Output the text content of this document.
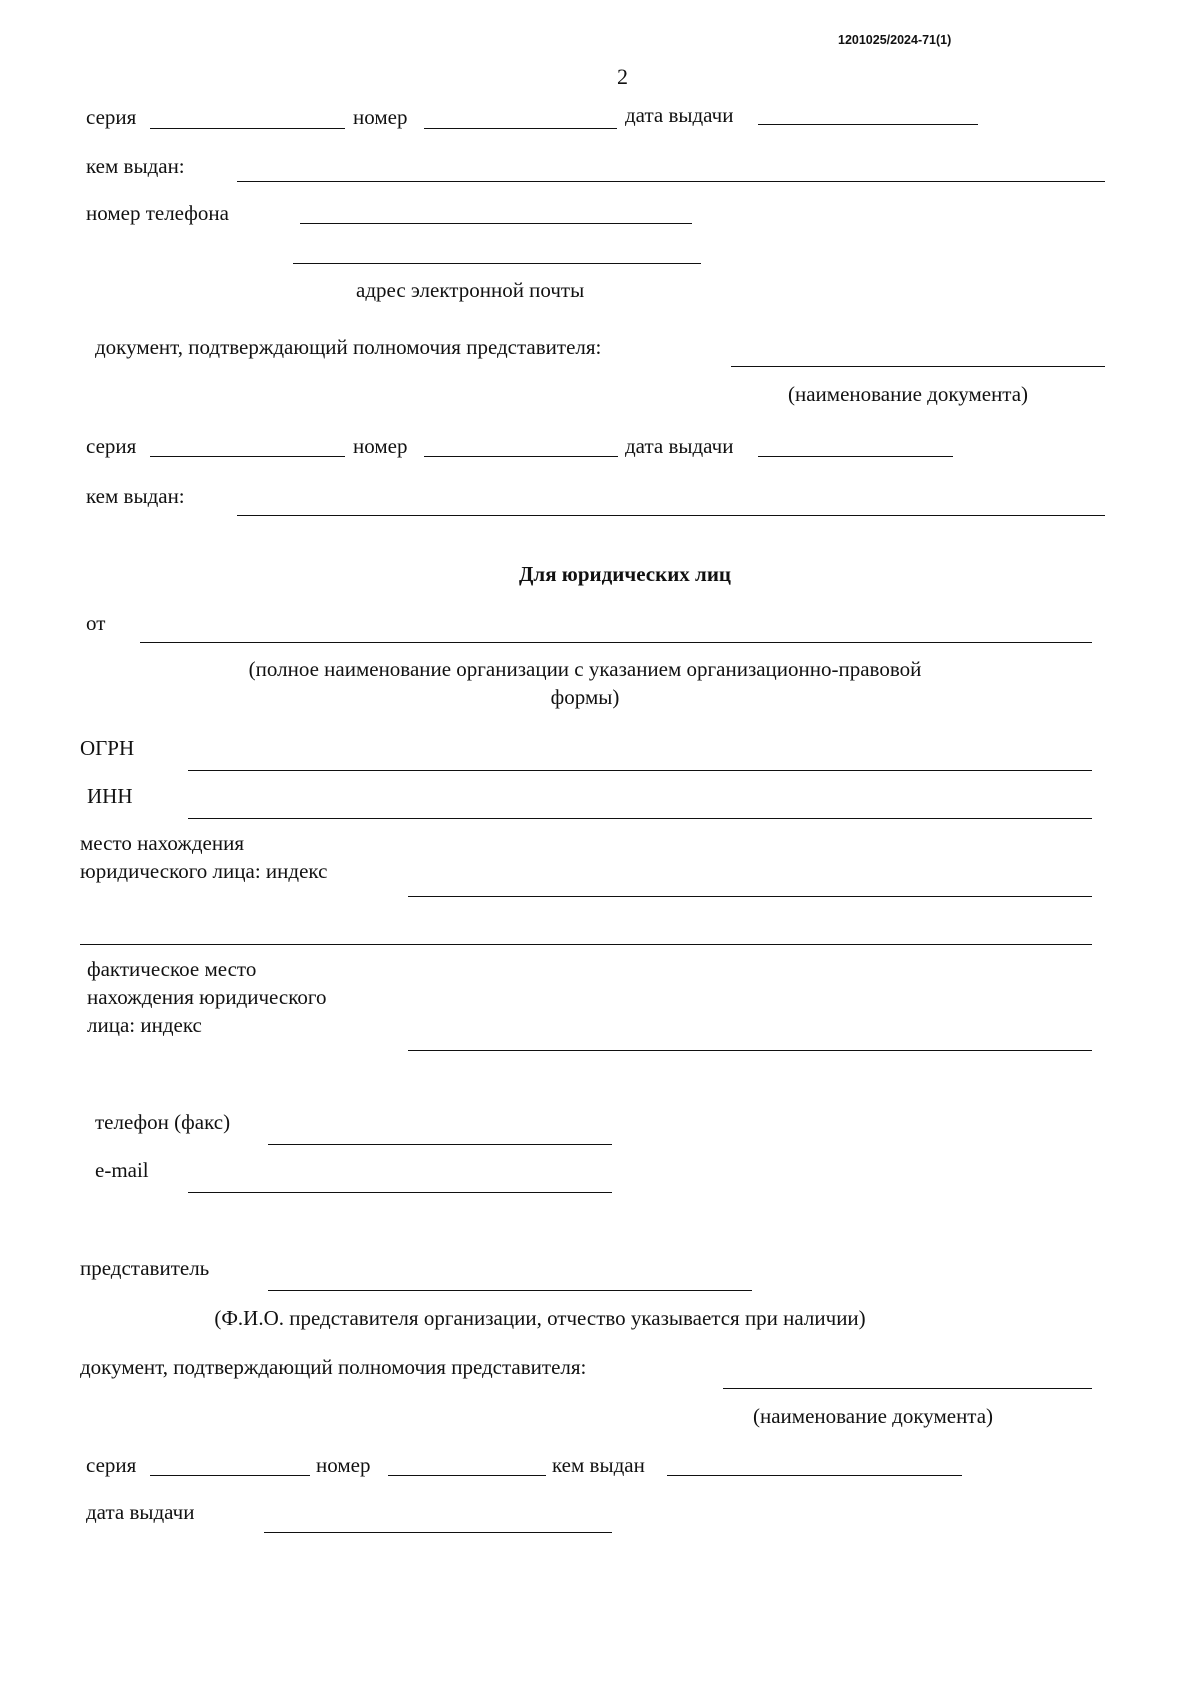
1201025/2024-71(1)
2
серия	номер	дата выдачи
кем выдан:
номер телефона
адрес электронной почты
документ, подтверждающий полномочия представителя:
(наименование документа)
серия	номер	дата выдачи
кем выдан:
Для юридических лиц
от
(полное наименование организации с указанием организационно-правовой
формы)
ОГРН
ИНН
место нахождения
юридического лица: индекс
фактическое место
нахождения юридического
лица: индекс
телефон (факс)
e-mail
представитель
(Ф.И.О. представителя организации, отчество указывается при наличии)
документ, подтверждающий полномочия представителя:
(наименование документа)
серия	номер	кем выдан
дата выдачи
